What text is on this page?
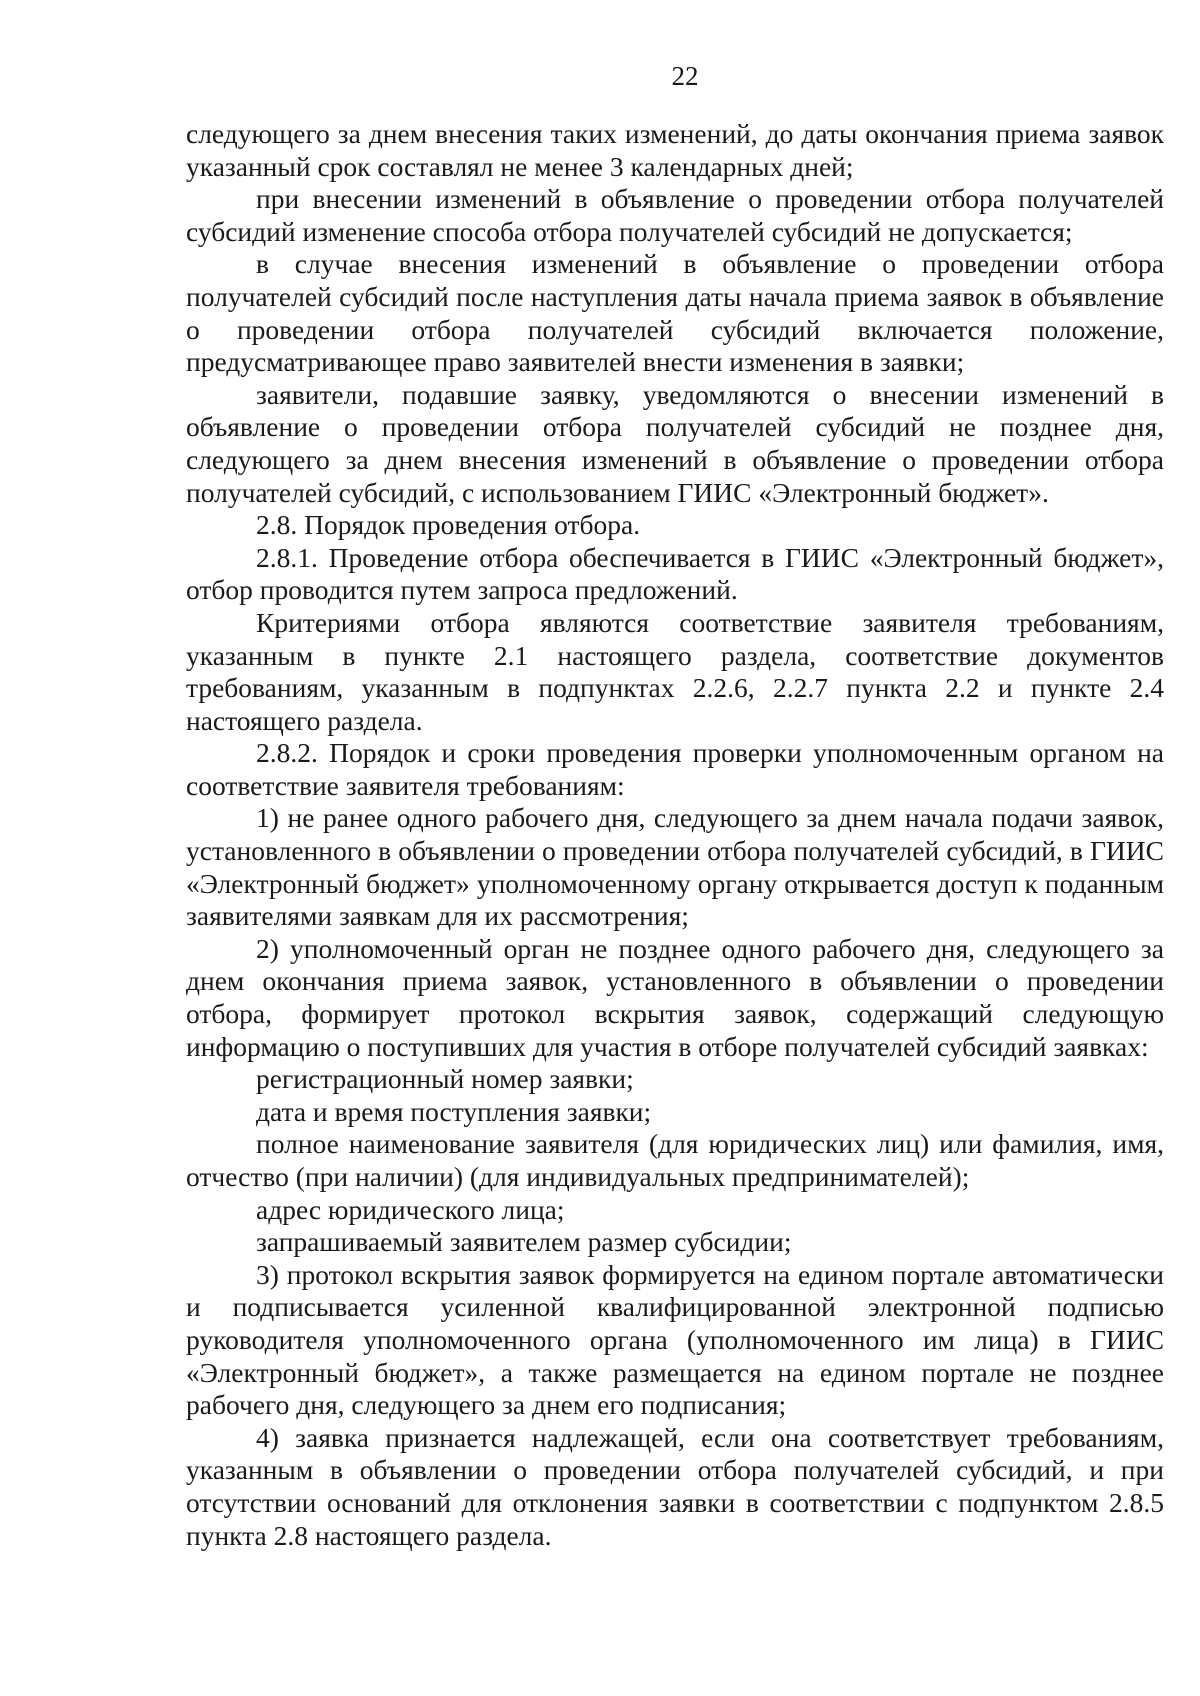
22

следующего за днем внесения таких изменений, до даты окончания приема заявок указанный срок составлял не менее 3 календарных дней;

при внесении изменений в объявление о проведении отбора получателей субсидий изменение способа отбора получателей субсидий не допускается;

в случае внесения изменений в объявление о проведении отбора получателей субсидий после наступления даты начала приема заявок в объявление о проведении отбора получателей субсидий включается положение, предусматривающее право заявителей внести изменения в заявки;

заявители, подавшие заявку, уведомляются о внесении изменений в объявление о проведении отбора получателей субсидий не позднее дня, следующего за днем внесения изменений в объявление о проведении отбора получателей субсидий, с использованием ГИИС «Электронный бюджет».

2.8. Порядок проведения отбора.

2.8.1. Проведение отбора обеспечивается в ГИИС «Электронный бюджет», отбор проводится путем запроса предложений.

Критериями отбора являются соответствие заявителя требованиям, указанным в пункте 2.1 настоящего раздела, соответствие документов требованиям, указанным в подпунктах 2.2.6, 2.2.7 пункта 2.2 и пункте 2.4 настоящего раздела.

2.8.2. Порядок и сроки проведения проверки уполномоченным органом на соответствие заявителя требованиям:

1) не ранее одного рабочего дня, следующего за днем начала подачи заявок, установленного в объявлении о проведении отбора получателей субсидий, в ГИИС «Электронный бюджет» уполномоченному органу открывается доступ к поданным заявителями заявкам для их рассмотрения;

2) уполномоченный орган не позднее одного рабочего дня, следующего за днем окончания приема заявок, установленного в объявлении о проведении отбора, формирует протокол вскрытия заявок, содержащий следующую информацию о поступивших для участия в отборе получателей субсидий заявках:

регистрационный номер заявки;

дата и время поступления заявки;

полное наименование заявителя (для юридических лиц) или фамилия, имя, отчество (при наличии) (для индивидуальных предпринимателей);

адрес юридического лица;

запрашиваемый заявителем размер субсидии;

3) протокол вскрытия заявок формируется на едином портале автоматически и подписывается усиленной квалифицированной электронной подписью руководителя уполномоченного органа (уполномоченного им лица) в ГИИС «Электронный бюджет», а также размещается на едином портале не позднее рабочего дня, следующего за днем его подписания;

4) заявка признается надлежащей, если она соответствует требованиям, указанным в объявлении о проведении отбора получателей субсидий, и при отсутствии оснований для отклонения заявки в соответствии с подпунктом 2.8.5 пункта 2.8 настоящего раздела.
